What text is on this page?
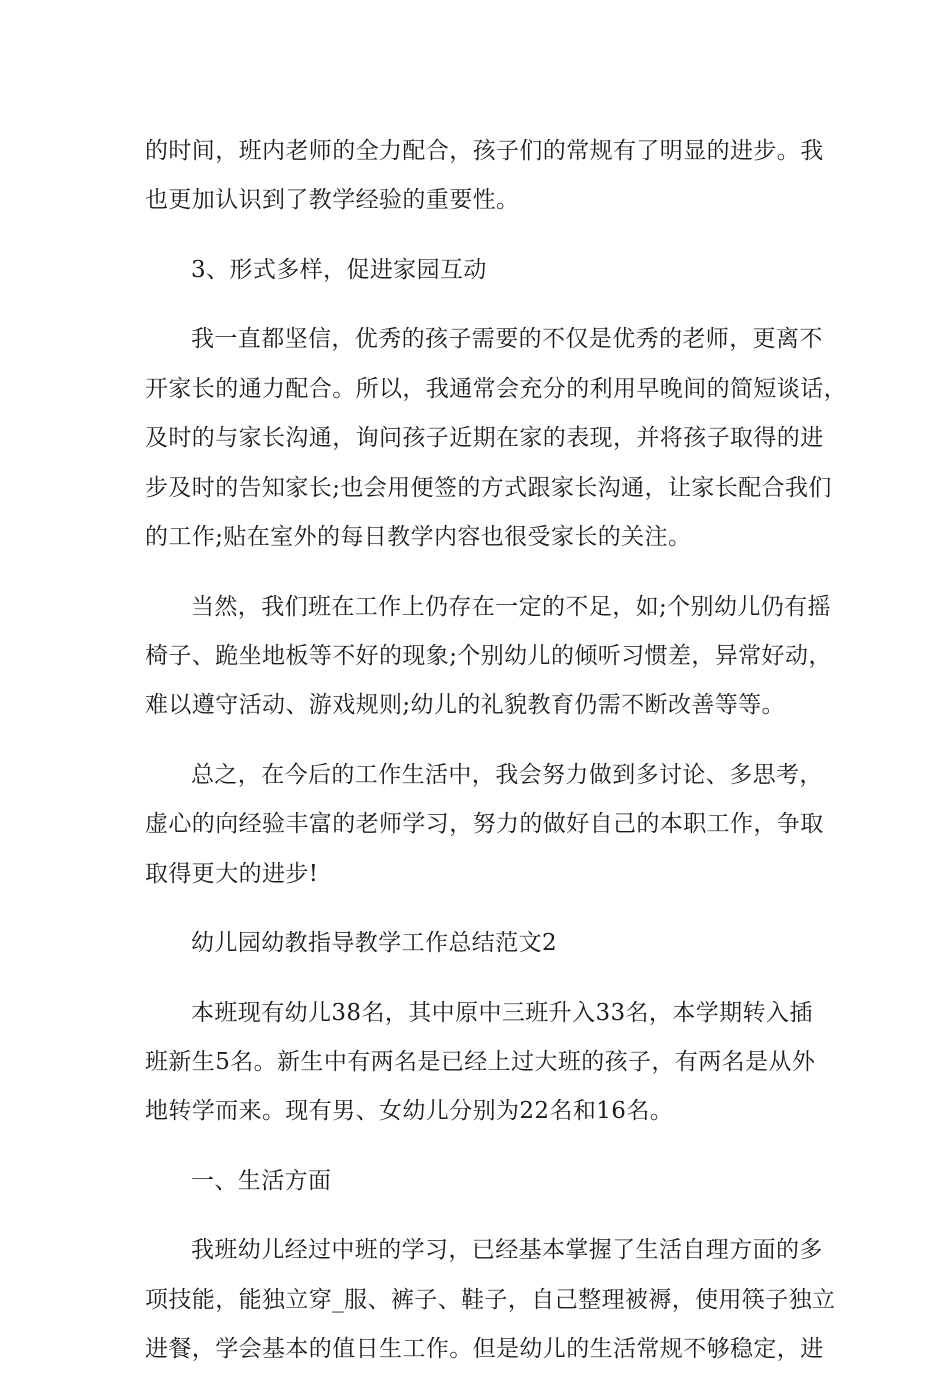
的时间，班内老师的全力配合，孩子们的常规有了明显的进步。我
也更加认识到了教学经验的重要性。
3、形式多样，促进家园互动
我一直都坚信，优秀的孩子需要的不仅是优秀的老师，更离不
开家长的通力配合。所以，我通常会充分的利用早晚间的简短谈话，
及时的与家长沟通，询问孩子近期在家的表现，并将孩子取得的进
步及时的告知家长;也会用便签的方式跟家长沟通，让家长配合我们
的工作;贴在室外的每日教学内容也很受家长的关注。
当然，我们班在工作上仍存在一定的不足，如;个别幼儿仍有摇
椅子、跪坐地板等不好的现象;个别幼儿的倾听习惯差，异常好动，
难以遵守活动、游戏规则;幼儿的礼貌教育仍需不断改善等等。
总之，在今后的工作生活中，我会努力做到多讨论、多思考，
虚心的向经验丰富的老师学习，努力的做好自己的本职工作，争取
取得更大的进步!
幼儿园幼教指导教学工作总结范文2
本班现有幼儿38名，其中原中三班升入33名，本学期转入插
班新生5名。新生中有两名是已经上过大班的孩子，有两名是从外
地转学而来。现有男、女幼儿分别为22名和16名。
一、生活方面
我班幼儿经过中班的学习，已经基本掌握了生活自理方面的多
项技能，能独立穿_服、裤子、鞋子，自己整理被褥，使用筷子独立
进餐，学会基本的值日生工作。但是幼儿的生活常规不够稳定，进
